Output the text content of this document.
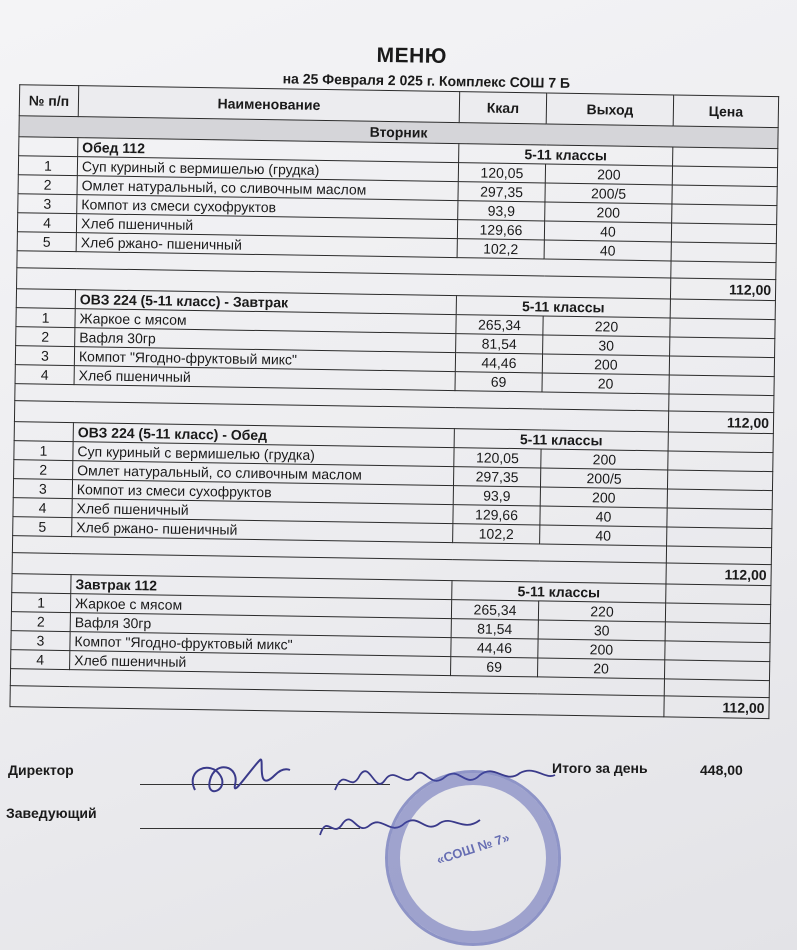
МЕНЮ
на 25 Февраля 2 025 г. Комплекс СОШ 7 Б
№ п/п	Наименование	Ккал	Выход	Цена
Вторник				
	Обед 112	5-11 классы		
1	Суп куриный с вермишелью (грудка)	120,05	200	
2	Омлет натуральный, со сливочным маслом	297,35	200/5	
3	Компот из смеси сухофруктов	93,9	200	
4	Хлеб пшеничный	129,66	40	
5	Хлеб ржано- пшеничный	102,2	40	

				112,00
	ОВЗ 224 (5-11 класс) - Завтрак	5-11 классы		
1	Жаркое с мясом	265,34	220	
2	Вафля 30гр	81,54	30	
3	Компот "Ягодно-фруктовый микс"	44,46	200	
4	Хлеб пшеничный	69	20	

				112,00
	ОВЗ 224 (5-11 класс) - Обед	5-11 классы		
1	Суп куриный с вермишелью (грудка)	120,05	200	
2	Омлет натуральный, со сливочным маслом	297,35	200/5	
3	Компот из смеси сухофруктов	93,9	200	
4	Хлеб пшеничный	129,66	40	
5	Хлеб ржано- пшеничный	102,2	40	

				112,00
	Завтрак 112	5-11 классы		
1	Жаркое с мясом	265,34	220	
2	Вафля 30гр	81,54	30	
3	Компот "Ягодно-фруктовый микс"	44,46	200	
4	Хлеб пшеничный	69	20	

				112,00
Директор
Заведующий
Итого за день	448,00
«СОШ № 7»
